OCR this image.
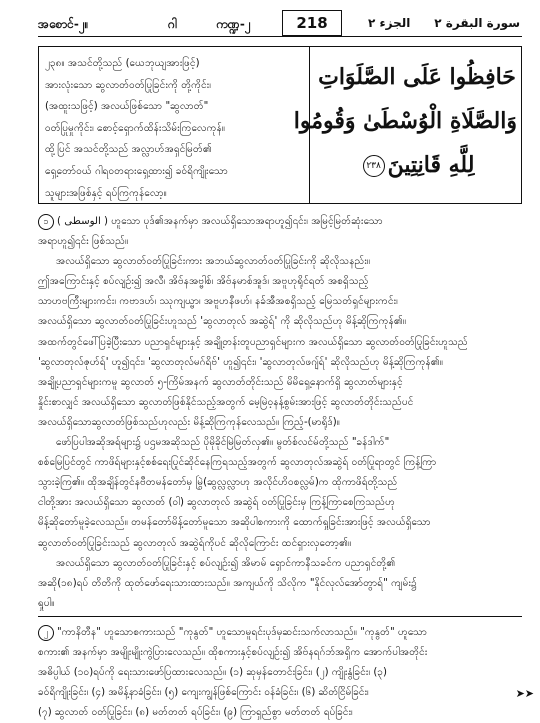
အစောင်-၂။	ဂါ	ကဏ္ဍ-၂	218	الجزء ٢ سورة البقرة ٢
၂၃၈။ အသင်တို့သည် (ယေဘုယျအားဖြင့်)
အားလုံးသော ဆွလာတ်ဝတ်ပြုခြင်းကို တို့ကိုင်း၊
(အထူးသဖြင့်) အလယ်ဖြစ်သော "ဆွလာတ်"
ဝတ်ပြုမှုကိုင်း၊ စောင့်ရှောက်ထိန်းသိမ်းကြလေကုန်။
ထို့ပြင် အသင်တို့သည် အလ္လာဟ်အရှင်မြတ်၏
ရှေ့တော်ဝယ် ဂါရဝတရားရှေ့ထား၍ ခဝ်ရိကျိုးသော
သူများအဖြစ်နှင့် ရပ်ကြကုန်လော့။
حَافِظُوا عَلَى الصَّلَوَاتِ
وَالصَّلَاةِ الْوُسْطَىٰ وَقُومُوا
لِلَّهِ قَانِتِينَ٢٣٨
၁ ( الوسطى ) ဟူသော ပုဒ်၏အနက်မှာ အလယ်ရှိသောအရာဟူ၍၎င်း၊ အမြင့်မြတ်ဆုံးသော
အရာဟူ၍၎င်း ဖြစ်သည်။
အလယ်ရှိသော ဆွလာတ်ဝတ်ပြုခြင်းကား အဘယ်ဆွလာတ်ဝတ်ပြုခြင်းကို ဆိုလိုသနည်း။
ဤအကြောင်းနှင့် စပ်လျဉ်း၍ အလီ၊ အိဗ်နအဗ္ဗါစ်၊ အိဗ်နမာစ်အူဒ်၊ အဗူဟုရိုင်ရတ် အစရှိသည့်
သာဟဗကြီးများကင်း၊ ကဗာဒဟ်၊ ဿုကျယ္ဗာ၊ အဗူဟနီဖဟ်၊ နခ်အီအစရှိသည့် မြေသတ်ရှင်များကင်း၊
အလယ်ရှိသော ဆွလာတ်ဝတ်ပြုခြင်းဟူသည် 'ဆွလာတုလ် အဆွဲရ်' ကို ဆိုလိုသည်ဟု မိန့်ဆိုကြကုန်၏။
အထက်တွင်ဖေါ်ပြခဲ့ပြီးသော ပညာရှင်များနှင့် အချို့တန်းတူပညာရှင်များက အလယ်ရှိသော ဆွလာတ်ဝတ်ပြုခြင်းဟူသည်
'ဆွလာတုလ်ဇုဟ်ရ်' ဟူ၍၎င်း၊ 'ဆွလာတုလ်မဂ်ရိဗ်' ဟူ၍၎င်း၊ 'ဆွလာတုလ်ဖဂျ်ရ်' ဆိုလိုသည်ဟု မိန့်ဆိုကြကုန်၏။
အချို့ပညာရှင်များကမူ ဆွလာတ် ၅-ကြိမ်အနက် ဆွလာတ်တိုင်းသည် မိမိရှေ့နောက်ရှိ ဆွလာတ်များနှင့်
နှိုင်းစာလျှင် အလယ်ရှိသော ဆွလာတ်ဖြစ်နိုင်သည့်အတွက် မေ့မြဲဝ့နန့်စွမ်းအားဖြင့် ဆွလာတ်တိုင်းသည်ပင်
အလယ်ရှိသောဆွလာတ်ဖြစ်သည်ဟုလည်း မိန့်ဆိုကြကုန်လေသည်။ ကြည့်-(မာရိုဒ်)။
ဖော်ပြပါအဆိုအရ်များ၌ ပဌမအဆိုသည် ပိုမိုခိုင်မြဲမြတ်လှ၏။ မွတ်စ်လင်မ်တို့သည် "ခန်ဒါက်"
စစ်မြေပြင်တွင် ကာဖိရ်များနှင့်စစ်ရေးပြုင်ဆိုင်နေကြရသည့်အတွက် ဆွလာတုလ်အဆွဲရ် ဝတ်ပြုရာတွင် ကြန့်ကြာ
သွားခဲ့ကြ၏။ ထိုအချိန်တွင်နဗီတမန်တော်မှ မြွဲ(ဆွလ္လလ္လာဟု အလိုင်ဟိဝစလ္လမ်)က ထိုကာဖိရ်တို့သည်
ငါတို့အား အလယ်ရှိသော ဆွလာတ် (ဝါ) ဆွလာတုလ် အဆွဲရ် ဝတ်ပြုခြင်းမှ ကြန့်ကြာစေကြသည်ဟု
မိန့်ဆိုတော်မူခဲ့လေသည်။ တမန်တော်မိန့်တော်မူသော အဆိုပါစကားကို ထောက်ရှုခြင်းအားဖြင့် အလယ်ရှိသော
ဆွလာတ်ဝတ်ပြုခြင်းသည် ဆွလာတုလ် အဆွဲရ်ကိုပင် ဆိုလိုကြောင်း ထင်ရှားလှတော့၏။
အလယ်ရှိသော ဆွလာတ်ဝတ်ပြုခြင်းနှင့် စပ်လျဉ်း၍ အိမာမ် ရှောင်ကာနီသခင်က ပညာရှင်တို့၏
အဆို(၁၈)ရပ် တိတိကို ထုတ်ဖော်ရေးသားထားသည်။ အကျယ်ကို သိလိုက "နိုင်လုလ်အော်တွာရ်" ကျမ်း၌
ရှုပါ။
၂ "ကာနိတီန" ဟူသောစကားသည် "ကုနွတ်" ဟူသောမူရင်းပုဒ်မှဆင်းသက်လာသည်။ "ကုနွတ်" ဟူသော
စကား၏ အနက်မှာ အမျိုးမျိုးကွဲပြားလေသည်။ ထိုစကားနှင့်စပ်လျဉ်း၍ အိဗ်နရဂ်ဘ်အရှိက အောက်ပါအတိုင်း
အဓိပ္ပါယ် (၁၀)ရပ်ကို ရေးသားဖော်ပြထားလေသည်။ (၁) ဆုမှန်တောင်းခြင်း၊ (၂) ကျိုးနွံခြင်း၊ (၃)
ခဝ်ရိကျိုးခြင်း၊ (၄) အမိန့်နာခံခြင်း၊ (၅) ကျေးကျွန်ဖြစ်ကြောင်း ဝန်ခံခြင်း၊ (၆) ဆိတ်ငြိမ်ခြင်း၊
(၇) ဆွလာတ် ဝတ်ပြုခြင်း၊ (၈) မတ်တတ် ရပ်ခြင်း၊ (၉) ကြာရှည်စွာ မတ်တတ် ရပ်ခြင်း၊
➤➤
